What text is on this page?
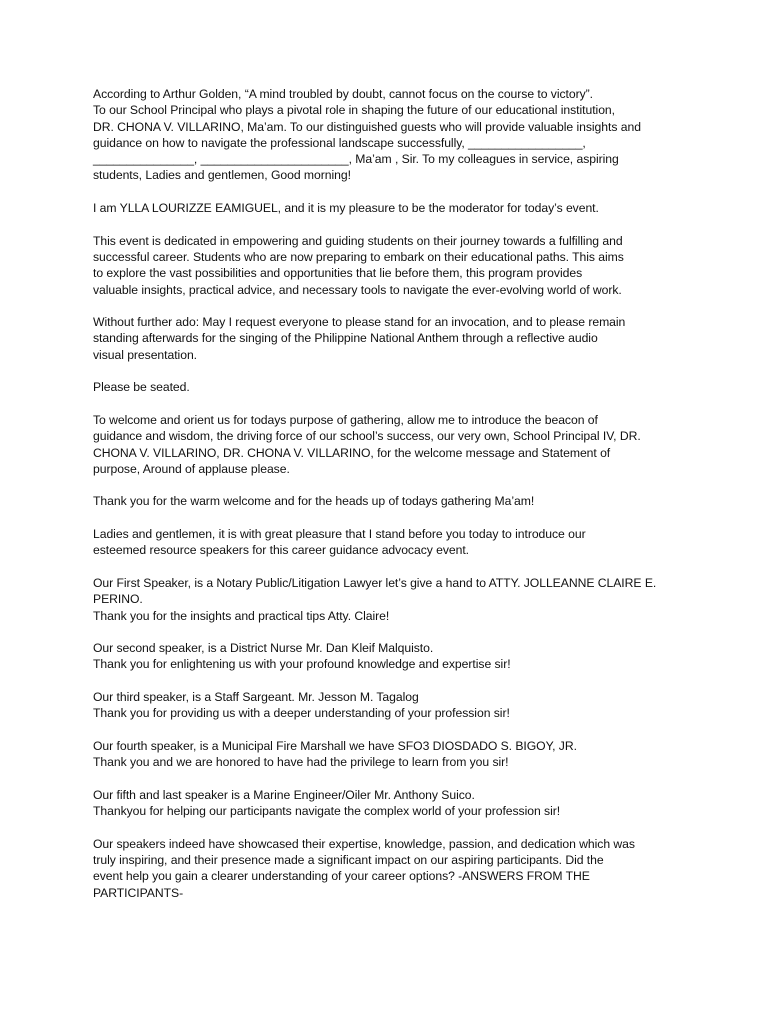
According to Arthur Golden, “A mind troubled by doubt, cannot focus on the course to victory”.
To our School Principal who plays a pivotal role in shaping the future of our educational institution,
DR. CHONA V. VILLARINO, Ma’am. To our distinguished guests who will provide valuable insights and
guidance on how to navigate the professional landscape successfully, _________________,
_______________, ______________________, Ma’am , Sir. To my colleagues in service, aspiring
students, Ladies and gentlemen, Good morning!

I am YLLA LOURIZZE EAMIGUEL, and it is my pleasure to be the moderator for today’s event.

This event is dedicated in empowering and guiding students on their journey towards a fulfilling and
successful career. Students who are now preparing to embark on their educational paths. This aims
to explore the vast possibilities and opportunities that lie before them, this program provides
valuable insights, practical advice, and necessary tools to navigate the ever-evolving world of work.

Without further ado: May I request everyone to please stand for an invocation, and to please remain
standing afterwards for the singing of the Philippine National Anthem through a reflective audio
visual presentation.

Please be seated.

To welcome and orient us for todays purpose of gathering, allow me to introduce the beacon of
guidance and wisdom, the driving force of our school’s success, our very own, School Principal IV, DR.
CHONA V. VILLARINO, DR. CHONA V. VILLARINO, for the welcome message and Statement of
purpose, Around of applause please.

Thank you for the warm welcome and for the heads up of todays gathering Ma’am!

Ladies and gentlemen, it is with great pleasure that I stand before you today to introduce our
esteemed resource speakers for this career guidance advocacy event.

Our First Speaker, is a Notary Public/Litigation Lawyer let’s give a hand to ATTY. JOLLEANNE CLAIRE E.
PERINO.
Thank you for the insights and practical tips Atty. Claire!

Our second speaker, is a District Nurse Mr. Dan Kleif Malquisto.
Thank you for enlightening us with your profound knowledge and expertise sir!

Our third speaker, is a Staff Sargeant. Mr. Jesson M. Tagalog
Thank you for providing us with a deeper understanding of your profession sir!

Our fourth speaker, is a Municipal Fire Marshall we have SFO3 DIOSDADO S. BIGOY, JR.
Thank you and we are honored to have had the privilege to learn from you sir!

Our fifth and last speaker is a Marine Engineer/Oiler Mr. Anthony Suico.
Thankyou for helping our participants navigate the complex world of your profession sir!

Our speakers indeed have showcased their expertise, knowledge, passion, and dedication which was
truly inspiring, and their presence made a significant impact on our aspiring participants. Did the
event help you gain a clearer understanding of your career options? -ANSWERS FROM THE
PARTICIPANTS-
